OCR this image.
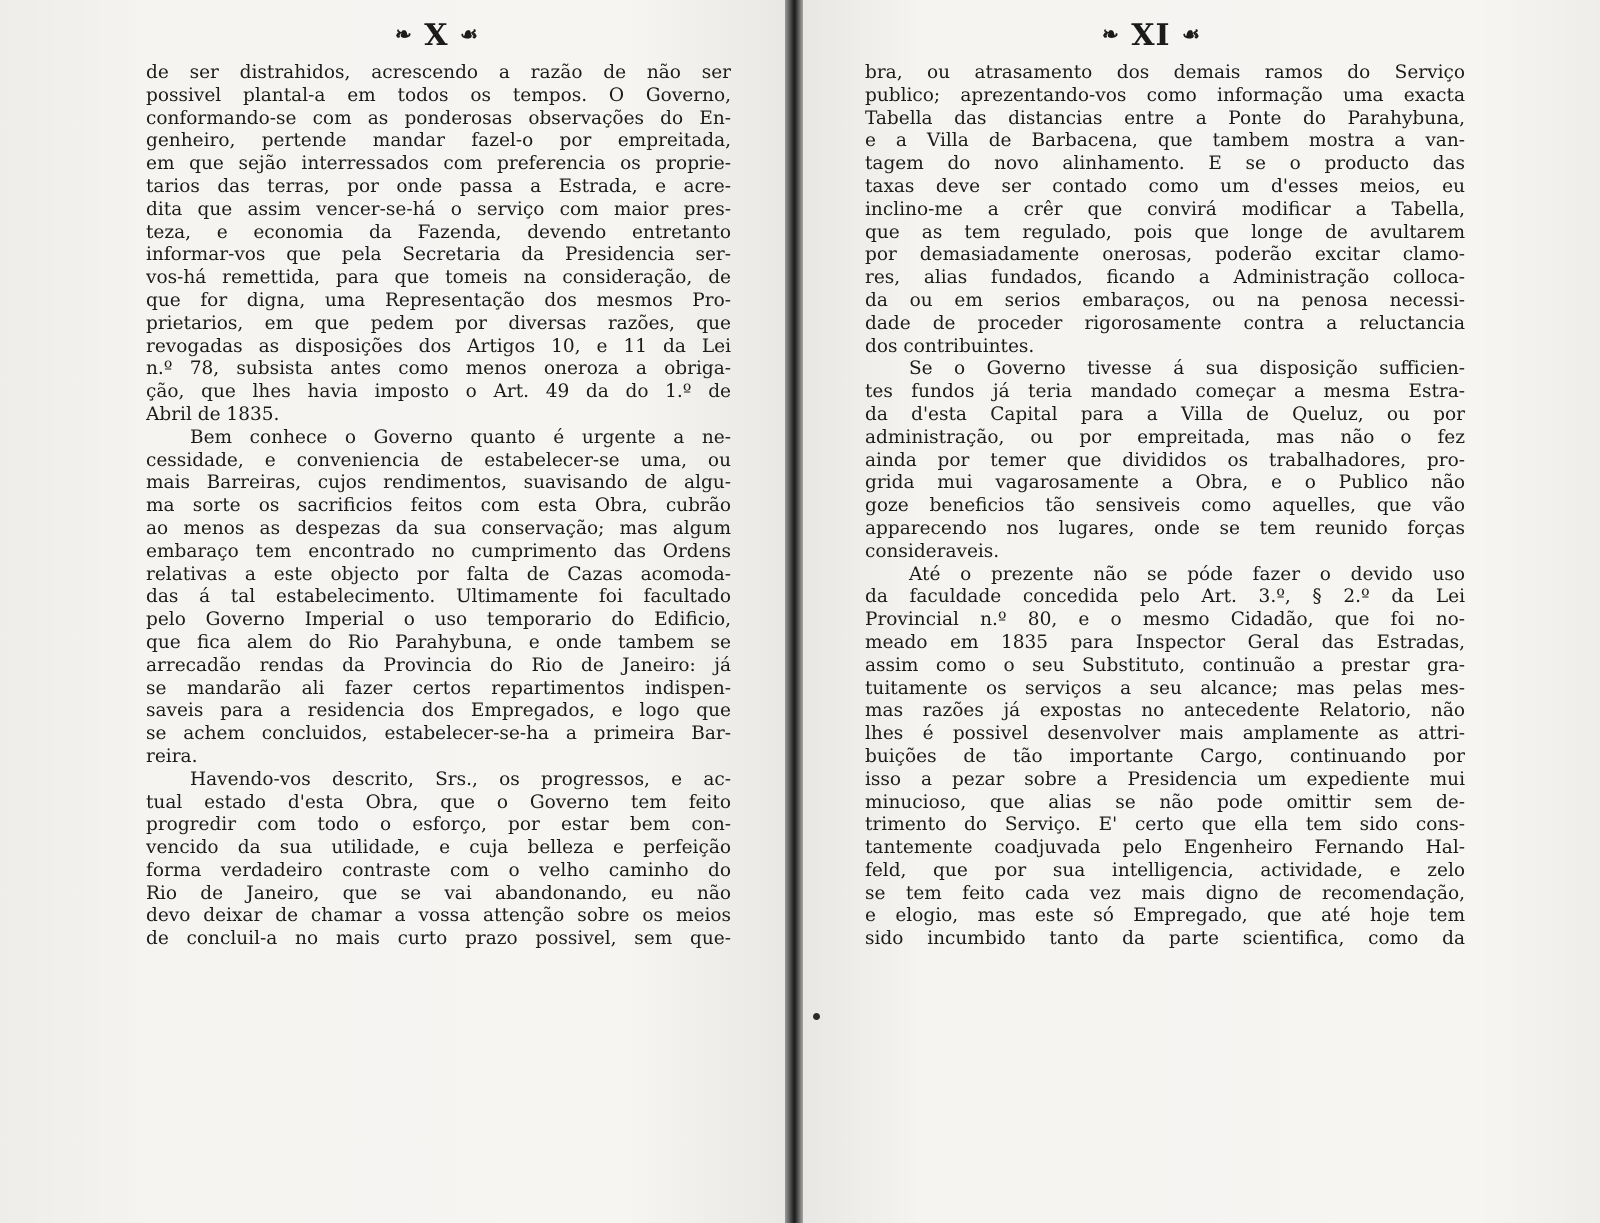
❧ X ☙
de ser distrahidos, acrescendo a razão de não ser
possivel plantal-a em todos os tempos. O Governo,
conformando-se com as ponderosas observações do En-
genheiro, pertende mandar fazel-o por empreitada,
em que sejão interressados com preferencia os proprie-
tarios das terras, por onde passa a Estrada, e acre-
dita que assim vencer-se-há o serviço com maior pres-
teza, e economia da Fazenda, devendo entretanto
informar-vos que pela Secretaria da Presidencia ser-
vos-há remettida, para que tomeis na consideração, de
que for digna, uma Representação dos mesmos Pro-
prietarios, em que pedem por diversas razões, que
revogadas as disposições dos Artigos 10, e 11 da Lei
n.º 78, subsista antes como menos oneroza a obriga-
ção, que lhes havia imposto o Art. 49 da do 1.º de
Abril de 1835.
Bem conhece o Governo quanto é urgente a ne-
cessidade, e conveniencia de estabelecer-se uma, ou
mais Barreiras, cujos rendimentos, suavisando de algu-
ma sorte os sacrificios feitos com esta Obra, cubrão
ao menos as despezas da sua conservação; mas algum
embaraço tem encontrado no cumprimento das Ordens
relativas a este objecto por falta de Cazas acomoda-
das á tal estabelecimento. Ultimamente foi facultado
pelo Governo Imperial o uso temporario do Edificio,
que fica alem do Rio Parahybuna, e onde tambem se
arrecadão rendas da Provincia do Rio de Janeiro: já
se mandarão ali fazer certos repartimentos indispen-
saveis para a residencia dos Empregados, e logo que
se achem concluidos, estabelecer-se-ha a primeira Bar-
reira.
Havendo-vos descrito, Srs., os progressos, e ac-
tual estado d'esta Obra, que o Governo tem feito
progredir com todo o esforço, por estar bem con-
vencido da sua utilidade, e cuja belleza e perfeição
forma verdadeiro contraste com o velho caminho do
Rio de Janeiro, que se vai abandonando, eu não
devo deixar de chamar a vossa attenção sobre os meios
de concluil-a no mais curto prazo possivel, sem que-
❧ XI ☙
bra, ou atrasamento dos demais ramos do Serviço
publico; aprezentando-vos como informação uma exacta
Tabella das distancias entre a Ponte do Parahybuna,
e a Villa de Barbacena, que tambem mostra a van-
tagem do novo alinhamento. E se o producto das
taxas deve ser contado como um d'esses meios, eu
inclino-me a crêr que convirá modificar a Tabella,
que as tem regulado, pois que longe de avultarem
por demasiadamente onerosas, poderão excitar clamo-
res, alias fundados, ficando a Administração colloca-
da ou em serios embaraços, ou na penosa necessi-
dade de proceder rigorosamente contra a reluctancia
dos contribuintes.
Se o Governo tivesse á sua disposição sufficien-
tes fundos já teria mandado começar a mesma Estra-
da d'esta Capital para a Villa de Queluz, ou por
administração, ou por empreitada, mas não o fez
ainda por temer que divididos os trabalhadores, pro-
grida mui vagarosamente a Obra, e o Publico não
goze beneficios tão sensiveis como aquelles, que vão
apparecendo nos lugares, onde se tem reunido forças
consideraveis.
Até o prezente não se póde fazer o devido uso
da faculdade concedida pelo Art. 3.º, § 2.º da Lei
Provincial n.º 80, e o mesmo Cidadão, que foi no-
meado em 1835 para Inspector Geral das Estradas,
assim como o seu Substituto, continuão a prestar gra-
tuitamente os serviços a seu alcance; mas pelas mes-
mas razões já expostas no antecedente Relatorio, não
lhes é possivel desenvolver mais amplamente as attri-
buições de tão importante Cargo, continuando por
isso a pezar sobre a Presidencia um expediente mui
minucioso, que alias se não pode omittir sem de-
trimento do Serviço. E' certo que ella tem sido cons-
tantemente coadjuvada pelo Engenheiro Fernando Hal-
feld, que por sua intelligencia, actividade, e zelo
se tem feito cada vez mais digno de recomendação,
e elogio, mas este só Empregado, que até hoje tem
sido incumbido tanto da parte scientifica, como da
